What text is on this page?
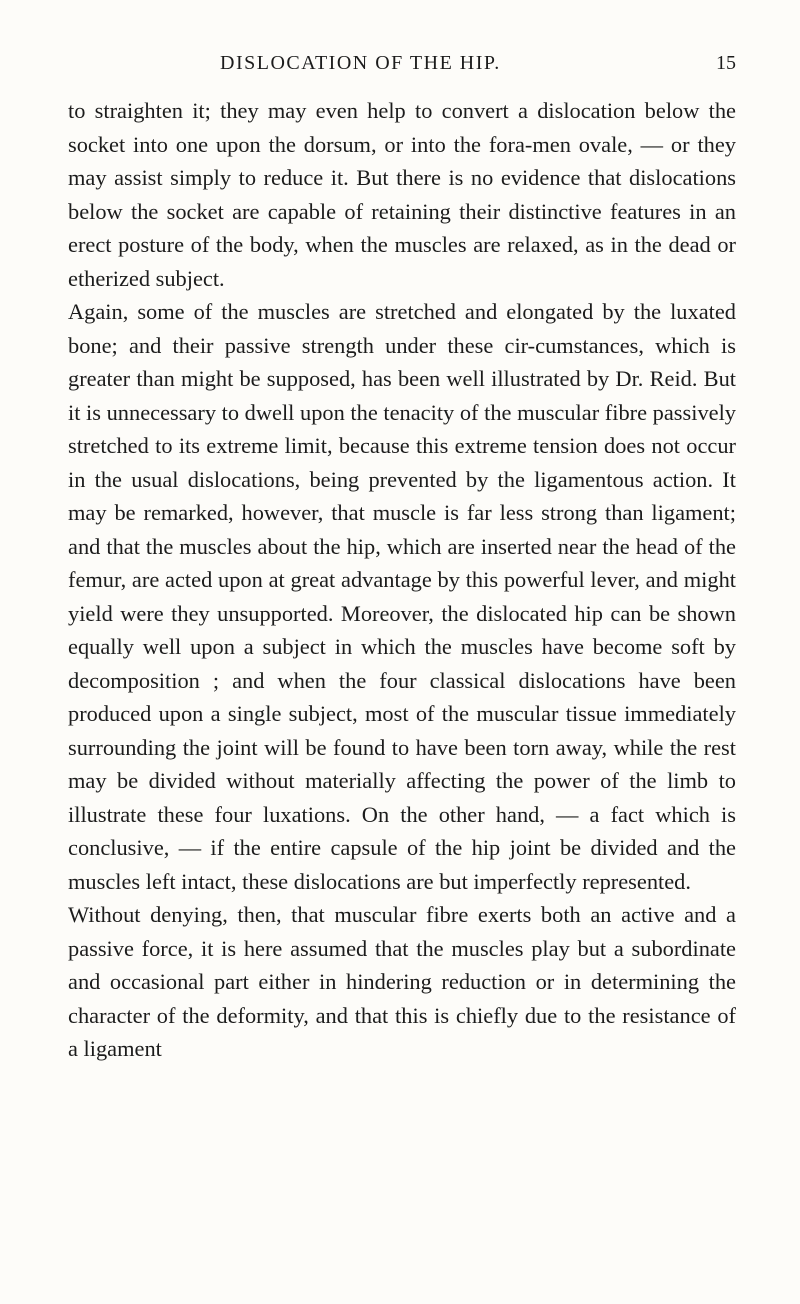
DISLOCATION OF THE HIP.	15

to straighten it; they may even help to convert a dislocation below the socket into one upon the dorsum, or into the fora-men ovale, — or they may assist simply to reduce it. But there is no evidence that dislocations below the socket are capable of retaining their distinctive features in an erect posture of the body, when the muscles are relaxed, as in the dead or etherized subject.

Again, some of the muscles are stretched and elongated by the luxated bone; and their passive strength under these cir-cumstances, which is greater than might be supposed, has been well illustrated by Dr. Reid. But it is unnecessary to dwell upon the tenacity of the muscular fibre passively stretched to its extreme limit, because this extreme tension does not occur in the usual dislocations, being prevented by the ligamentous action. It may be remarked, however, that muscle is far less strong than ligament; and that the muscles about the hip, which are inserted near the head of the femur, are acted upon at great advantage by this powerful lever, and might yield were they unsupported. Moreover, the dislocated hip can be shown equally well upon a subject in which the muscles have become soft by decomposition ; and when the four classical dislocations have been produced upon a single subject, most of the muscular tissue immediately surrounding the joint will be found to have been torn away, while the rest may be divided without materially affecting the power of the limb to illustrate these four luxations. On the other hand, — a fact which is conclusive, — if the entire capsule of the hip joint be divided and the muscles left intact, these dislocations are but imperfectly represented.

Without denying, then, that muscular fibre exerts both an active and a passive force, it is here assumed that the muscles play but a subordinate and occasional part either in hindering reduction or in determining the character of the deformity, and that this is chiefly due to the resistance of a ligament
